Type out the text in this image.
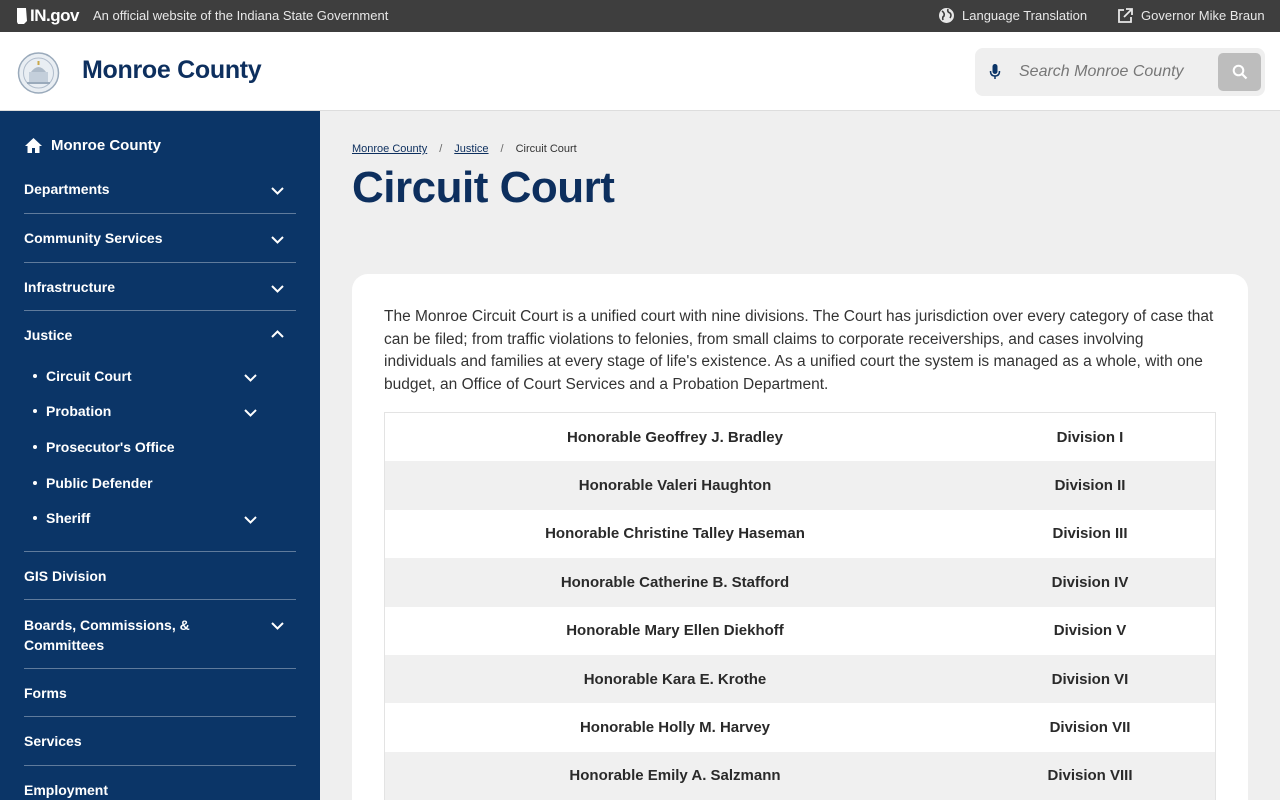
IN.gov An official website of the Indiana State Government	Language Translation	Governor Mike Braun
Monroe County
Search Monroe County
Monroe County
Departments
Community Services
Infrastructure
Justice
Circuit Court
Probation
Prosecutor's Office
Public Defender
Sheriff
GIS Division
Boards, Commissions, & Committees
Forms
Services
Employment
Monroe County / Justice / Circuit Court
Circuit Court

The Monroe Circuit Court is a unified court with nine divisions. The Court has jurisdiction over every category of case that can be filed; from traffic violations to felonies, from small claims to corporate receiverships, and cases involving individuals and families at every stage of life's existence. As a unified court the system is managed as a whole, with one budget, an Office of Court Services and a Probation Department.

Honorable Geoffrey J. Bradley	Division I
Honorable Valeri Haughton	Division II
Honorable Christine Talley Haseman	Division III
Honorable Catherine B. Stafford	Division IV
Honorable Mary Ellen Diekhoff	Division V
Honorable Kara E. Krothe	Division VI
Honorable Holly M. Harvey	Division VII
Honorable Emily A. Salzmann	Division VIII
